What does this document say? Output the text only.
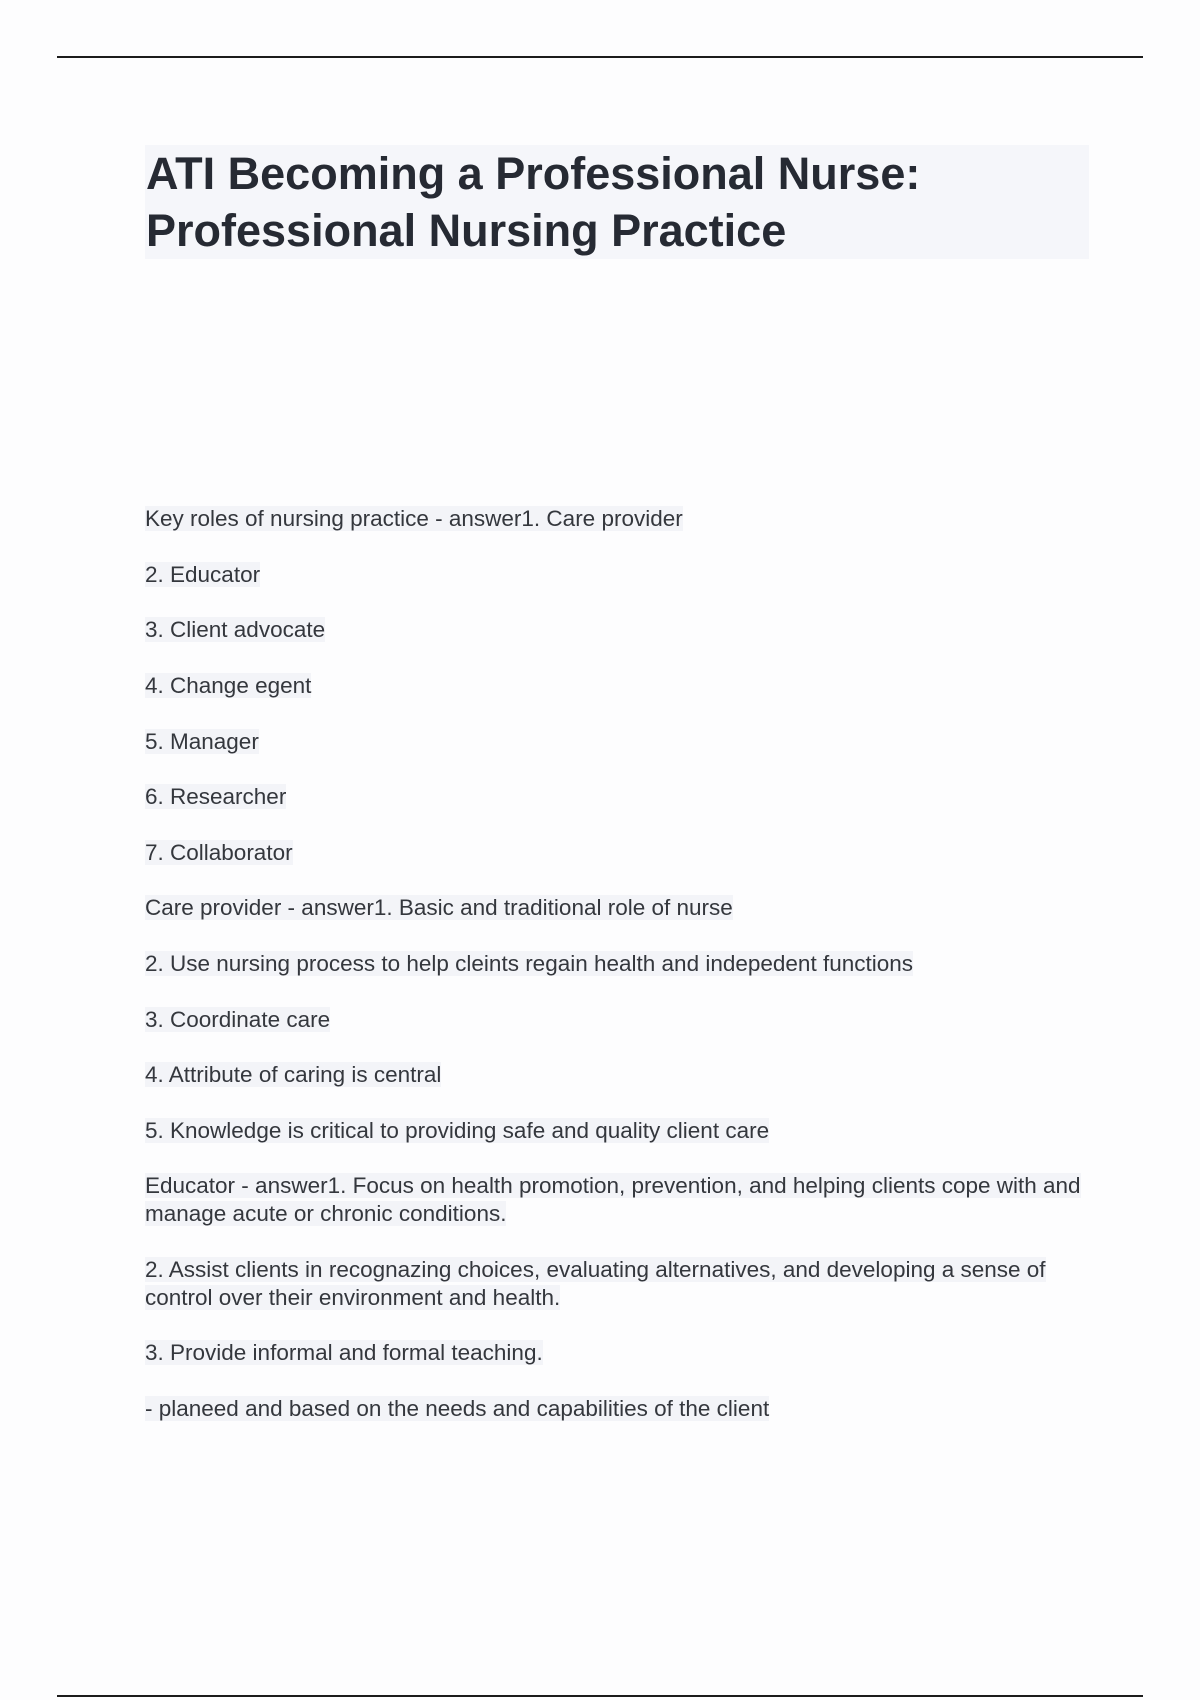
ATI Becoming a Professional Nurse:
Professional Nursing Practice

Key roles of nursing practice - answer1. Care provider

2. Educator

3. Client advocate

4. Change egent

5. Manager

6. Researcher

7. Collaborator

Care provider - answer1. Basic and traditional role of nurse

2. Use nursing process to help cleints regain health and indepedent functions

3. Coordinate care

4. Attribute of caring is central

5. Knowledge is critical to providing safe and quality client care

Educator - answer1. Focus on health promotion, prevention, and helping clients cope with and manage acute or chronic conditions.

2. Assist clients in recognazing choices, evaluating alternatives, and developing a sense of control over their environment and health.

3. Provide informal and formal teaching.

- planeed and based on the needs and capabilities of the client
